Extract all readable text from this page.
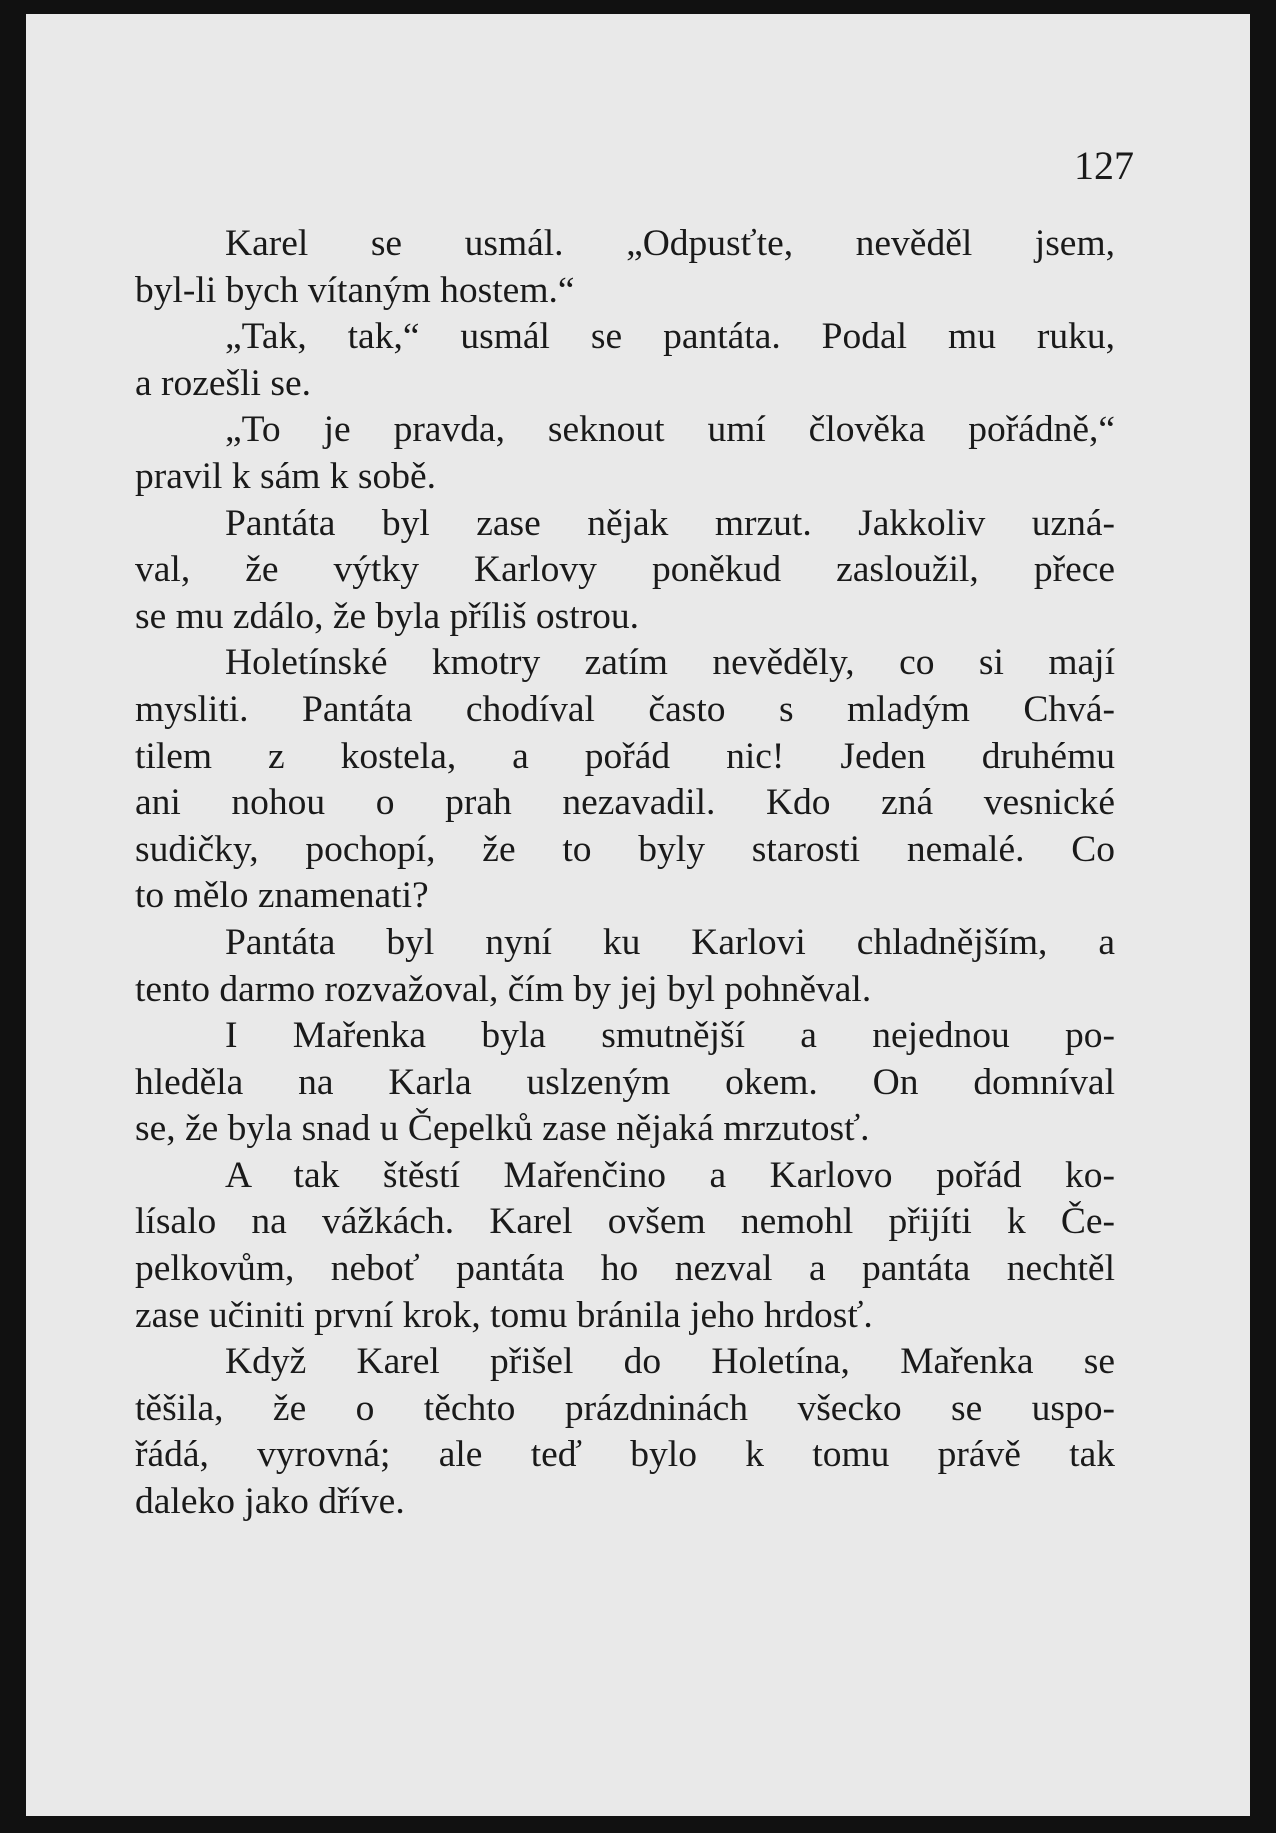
127
Karel se usmál. „Odpusťte, nevěděl jsem,
byl-li bych vítaným hostem.“
„Tak, tak,“ usmál se pantáta. Podal mu ruku,
a rozešli se.
„To je pravda, seknout umí člověka pořádně,“
pravil k sám k sobě.
Pantáta byl zase nějak mrzut. Jakkoliv uzná-
val, že výtky Karlovy poněkud zasloužil, přece
se mu zdálo, že byla příliš ostrou.
Holetínské kmotry zatím nevěděly, co si mají
mysliti. Pantáta chodíval často s mladým Chvá-
tilem z kostela, a pořád nic! Jeden druhému
ani nohou o prah nezavadil. Kdo zná vesnické
sudičky, pochopí, že to byly starosti nemalé. Co
to mělo znamenati?
Pantáta byl nyní ku Karlovi chladnějším, a
tento darmo rozvažoval, čím by jej byl pohněval.
I Mařenka byla smutnější a nejednou po-
hleděla na Karla uslzeným okem. On domníval
se, že byla snad u Čepelků zase nějaká mrzutosť.
A tak štěstí Mařenčino a Karlovo pořád ko-
lísalo na vážkách. Karel ovšem nemohl přijíti k Če-
pelkovům, neboť pantáta ho nezval a pantáta nechtěl
zase učiniti první krok, tomu bránila jeho hrdosť.
Když Karel přišel do Holetína, Mařenka se
těšila, že o těchto prázdninách všecko se uspo-
řádá, vyrovná; ale teď bylo k tomu právě tak
daleko jako dříve.
